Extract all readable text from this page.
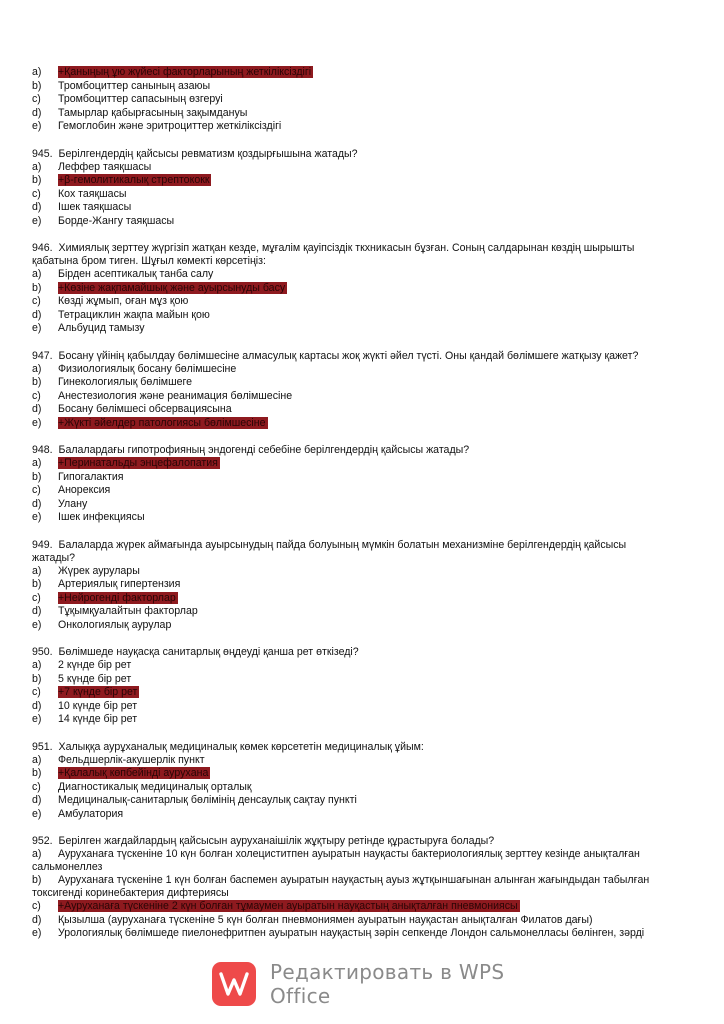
a)	+Қаныңың ұю жүйесі факторларының жеткіліксіздігі
b)	Тромбоциттер санының азаюы
c)	Тромбоциттер сапасының өзгеруі
d)	Тамырлар қабырғасының зақымдануы
e)	Гемоглобин және эритроциттер жеткіліксіздігі
945. Берілгендердің қайсысы ревматизм қоздырғышына жатады?
a)	Леффер таяқшасы
b)	+β-гемолитикалық стрептококк
c)	Кох таяқшасы
d)	Ішек таяқшасы
e)	Борде-Жангу таяқшасы
946. Химиялық зерттеу жүргізіп жатқан кезде, мұғалім қауіпсіздік ткхникасын бұзған. Соның салдарынан көздің шырышты қабатына бром тиген. Шұғыл көмекті көрсетіңіз:
a)	Бірден асептикалық танба салу
b)	+Көзіне жақпамайшық және ауырсынуды басу
c)	Көзді жұмып, оған мұз қою
d)	Тетрациклин жақпа майын қою
e)	Альбуцид тамызу
947. Босану үйінің қабылдау бөлімшесіне алмасулық картасы жоқ жүкті әйел түсті. Оны қандай бөлімшеге жатқызу қажет?
a)	Физиологиялық босану бөлімшесіне
b)	Гинекологиялық бөлімшеге
c)	Анестезиология және реанимация бөлімшесіне
d)	Босану бөлімшесі обсервациясына
e)	+Жүкті әйелдер патологиясы бөлімшесіне
948. Балалардағы гипотрофияның эндогенді себебіне берілгендердің қайсысы жатады?
a)	+Перинатальды энцефалопатия
b)	Гипогалактия
c)	Анорексия
d)	Улану
e)	Ішек инфекциясы
949. Балаларда жүрек аймағында ауырсынудың пайда болуының мүмкін болатын механизміне берілгендердің қайсысы жатады?
a)	Жүрек аурулары
b)	Артериялық гипертензия
c)	+Нейрогенді факторлар
d)	Тұқымқуалайтын факторлар
e)	Онкологиялық аурулар
950. Бөлімшеде науқасқа санитарлық өңдеуді қанша рет өткізеді?
a)	2 күнде бір рет
b)	5 күнде бір рет
c)	+7 күнде бір рет
d)	10 күнде бір рет
e)	14 күнде бір рет
951. Халыққа аурұханалық медициналық көмек көрсететін медициналық ұйым:
a)	Фельдшерлік-акушерлік пункт
b)	+Қалалық көпбейінді ауруxана
c)	Диагностикалық медициналық орталық
d)	Медициналық-санитарлық бөлімінің денсаулық сақтау пункті
e)	Амбулатория
952. Берілген жағдайлардың қайсысын ауруханаішілік жұқтыру ретінде құрастыруға болады?
a) Ауруханаға түскеніне 10 күн болған холециститпен ауыратын науқасты бактериологиялық зерттеу кезінде анықталған сальмонеллез
b) Ауруханаға түскеніне 1 күн болған баспемен ауыратын науқастың ауыз жұтқыншағынан алынған жағындыдан табылған токсигенді коринебактерия дифтериясы
c)	+Ауруханаға түскеніне 2 күн болған тұмаумен ауыратын науқастың анықталған пневмониясы
d)	Қызылша (ауруханаға түскеніне 5 күн болған пневмониямен ауыратын науқастан анықталған Филатов дағы)
e)	Урологиялық бөлімшеде пиелонефритпен ауыратын науқастың зәрін сепкенде Лондон сальмонелласы бөлінген, зәрді
Редактировать в WPS Office
